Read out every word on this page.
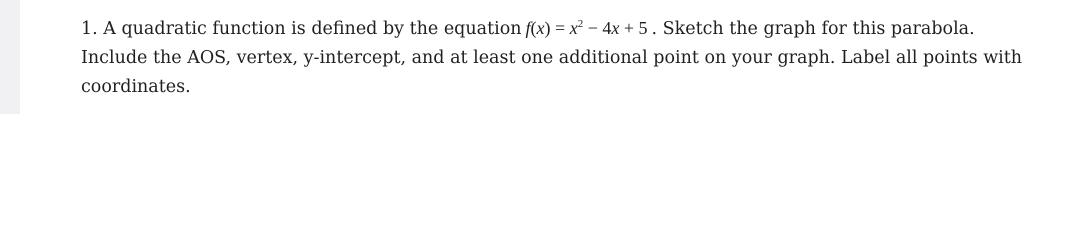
1. A quadratic function is defined by the equation $f(x) = x^2 - 4x + 5$ . Sketch the graph for this parabola.
Include the AOS, vertex, y-intercept, and at least one additional point on your graph. Label all points with
coordinates.
